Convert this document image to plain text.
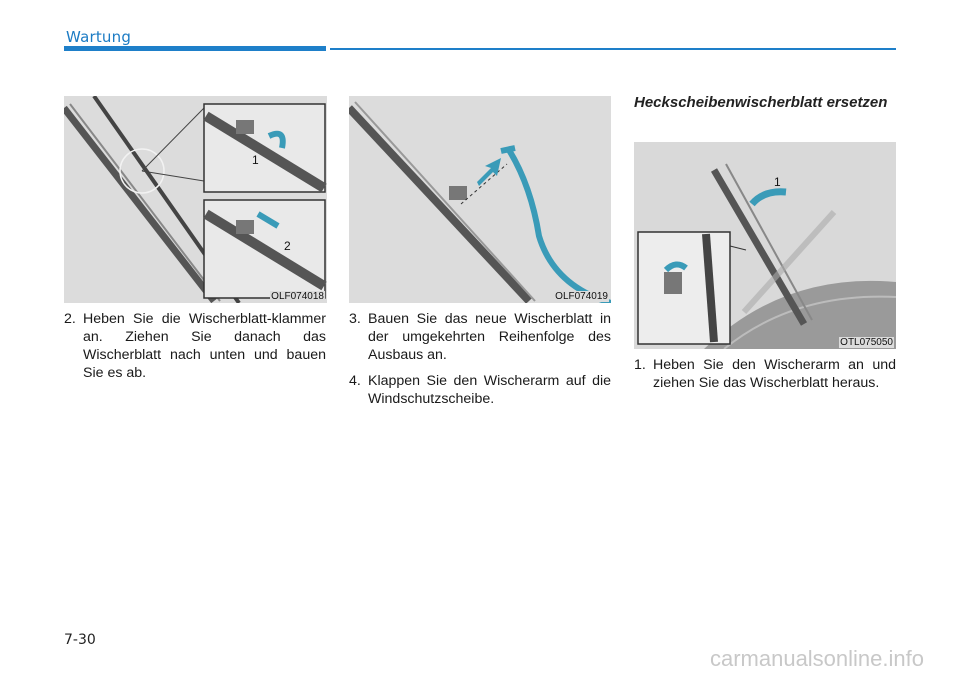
Wartung
1
2
OLF074018	OLF074019
2. Heben Sie die Wischerblatt-klammer an. Ziehen Sie danach das Wischerblatt nach unten und bauen Sie es ab.
3. Bauen Sie das neue Wischerblatt in der umgekehrten Reihenfolge des Ausbaus an.
4. Klappen Sie den Wischerarm auf die Windschutzscheibe.
Heckscheibenwischerblatt ersetzen
1
OTL075050
1. Heben Sie den Wischerarm an und ziehen Sie das Wischerblatt heraus.
7-30
carmanualsonline.info
